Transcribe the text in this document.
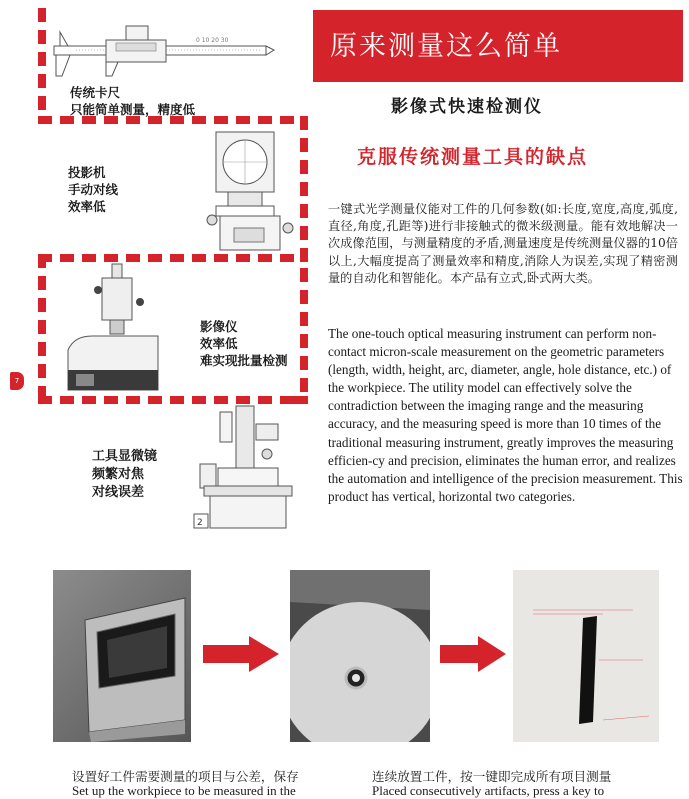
原来测量这么简单
影像式快速检测仪
克服传统测量工具的缺点
一键式光学测量仪能对工件的几何参数(如:长度,宽度,高度,弧度,直径,角度,孔距等)进行非接触式的微米级测量。能有效地解决一次成像范围，与测量精度的矛盾,测量速度是传统测量仪器的10倍以上,大幅度提高了测量效率和精度,消除人为误差,实现了精密测量的自动化和智能化。本产品有立式,卧式两大类。
The one-touch optical measuring instrument can perform non-contact micron-scale measurement on the geometric parameters (length, width, height, arc, diameter, angle, hole distance, etc.) of the workpiece. The utility model can effectively solve the contradiction between the imaging range and the measuring accuracy, and the measuring speed is more than 10 times of the traditional measuring instrument, greatly improves the measuring efficien-cy and precision, eliminates the human error, and realizes the automation and intelligence of the precision measurement. This product has vertical, horizontal two categories.
0 10 20 30
2
传统卡尺
只能简单测量，精度低
投影机
手动对线
效率低
影像仪
效率低
难实现批量检测
工具显微镜
频繁对焦
对线误差
7
设置好工件需要测量的项目与公差，保存
Set up the workpiece to be measured in the
连续放置工件，按一键即完成所有项目测量
Placed consecutively artifacts, press a key to
